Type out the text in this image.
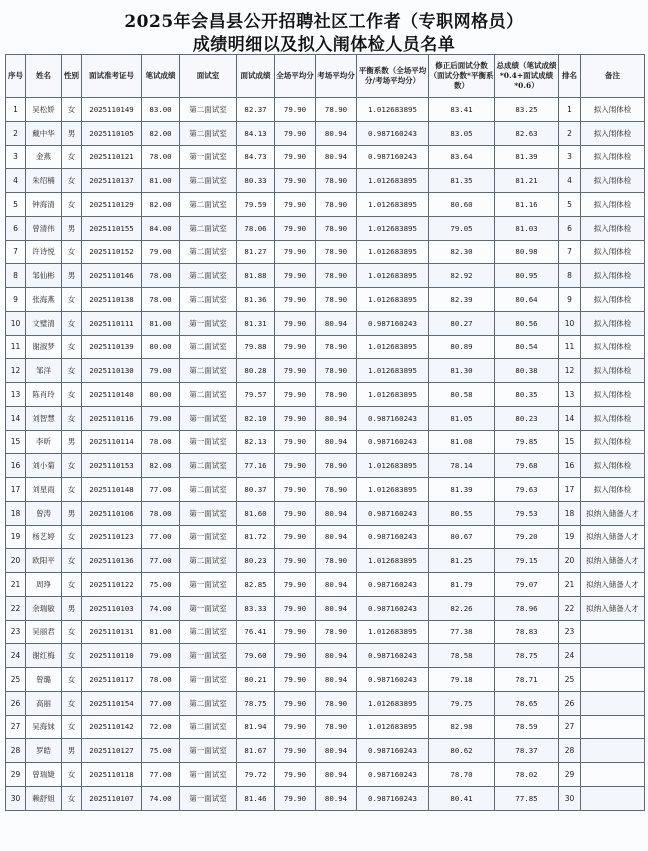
2025年会昌县公开招聘社区工作者（专职网格员）
成绩明细以及拟入闱体检人员名单
序号	姓名	性别	面试准考证号	笔试成绩	面试室	面试成绩	全场平均分	考场平均分	平衡系数（全场平均分/考场平均分）	修正后面试分数（面试分数*平衡系数）	总成绩（笔试成绩*0.4+面试成绩*0.6）	排名	备注
1	吴松娇	女	2025110149	83.00	第二面试室	82.37	79.90	78.90	1.012683895	83.41	83.25	1	拟入闱体检
2	戴中华	男	2025110105	82.00	第二面试室	84.13	79.90	80.94	0.987160243	83.05	82.63	2	拟入闱体检
3	金燕	女	2025110121	78.00	第一面试室	84.73	79.90	80.94	0.987160243	83.64	81.39	3	拟入闱体检
4	朱绍楠	女	2025110137	81.00	第二面试室	80.33	79.90	78.90	1.012683895	81.35	81.21	4	拟入闱体检
5	钟海清	女	2025110129	82.00	第二面试室	79.59	79.90	78.90	1.012683895	80.60	81.16	5	拟入闱体检
6	曾清伟	男	2025110155	84.00	第二面试室	78.06	79.90	78.90	1.012683895	79.05	81.03	6	拟入闱体检
7	许诗悦	女	2025110152	79.00	第二面试室	81.27	79.90	78.90	1.012683895	82.30	80.98	7	拟入闱体检
8	邹仙彬	男	2025110146	78.00	第二面试室	81.88	79.90	78.90	1.012683895	82.92	80.95	8	拟入闱体检
9	张海燕	女	2025110138	78.00	第二面试室	81.36	79.90	78.90	1.012683895	82.39	80.64	9	拟入闱体检
10	文璧清	女	2025110111	81.00	第一面试室	81.31	79.90	80.94	0.987160243	80.27	80.56	10	拟入闱体检
11	谢淑梦	女	2025110139	80.00	第二面试室	79.88	79.90	78.90	1.012683895	80.89	80.54	11	拟入闱体检
12	邹洋	女	2025110130	79.00	第二面试室	80.28	79.90	78.90	1.012683895	81.30	80.38	12	拟入闱体检
13	陈肖玲	女	2025110140	80.00	第二面试室	79.57	79.90	78.90	1.012683895	80.58	80.35	13	拟入闱体检
14	刘智慧	女	2025110116	79.00	第一面试室	82.10	79.90	80.94	0.987160243	81.05	80.23	14	拟入闱体检
15	李昕	男	2025110114	78.00	第一面试室	82.13	79.90	80.94	0.987160243	81.08	79.85	15	拟入闱体检
16	刘小菊	女	2025110153	82.00	第二面试室	77.16	79.90	78.90	1.012683895	78.14	79.68	16	拟入闱体检
17	刘星雨	女	2025110148	77.00	第二面试室	80.37	79.90	78.90	1.012683895	81.39	79.63	17	拟入闱体检
18	曾涛	男	2025110106	78.00	第一面试室	81.60	79.90	80.94	0.987160243	80.55	79.53	18	拟纳入储备人才
19	杨艺婷	女	2025110123	77.00	第一面试室	81.72	79.90	80.94	0.987160243	80.67	79.20	19	拟纳入储备人才
20	欧阳平	女	2025110136	77.00	第二面试室	80.23	79.90	78.90	1.012683895	81.25	79.15	20	拟纳入储备人才
21	周琤	女	2025110122	75.00	第一面试室	82.85	79.90	80.94	0.987160243	81.79	79.07	21	拟纳入储备人才
22	余瑞敏	男	2025110103	74.00	第一面试室	83.33	79.90	80.94	0.987160243	82.26	78.96	22	拟纳入储备人才
23	吴丽君	女	2025110131	81.00	第二面试室	76.41	79.90	78.90	1.012683895	77.38	78.83	23	
24	谢红梅	女	2025110110	79.00	第一面试室	79.60	79.90	80.94	0.987160243	78.58	78.75	24	
25	曾璐	女	2025110117	78.00	第一面试室	80.21	79.90	80.94	0.987160243	79.18	78.71	25	
26	高丽	女	2025110154	77.00	第二面试室	78.75	79.90	78.90	1.012683895	79.75	78.65	26	
27	吴海妹	女	2025110142	72.00	第二面试室	81.94	79.90	78.90	1.012683895	82.98	78.59	27	
28	罗皓	男	2025110127	75.00	第一面试室	81.67	79.90	80.94	0.987160243	80.62	78.37	28	
29	曾瑞婕	女	2025110118	77.00	第一面试室	79.72	79.90	80.94	0.987160243	78.70	78.02	29	
30	赖舒姐	女	2025110107	74.00	第一面试室	81.46	79.90	80.94	0.987160243	80.41	77.85	30	
